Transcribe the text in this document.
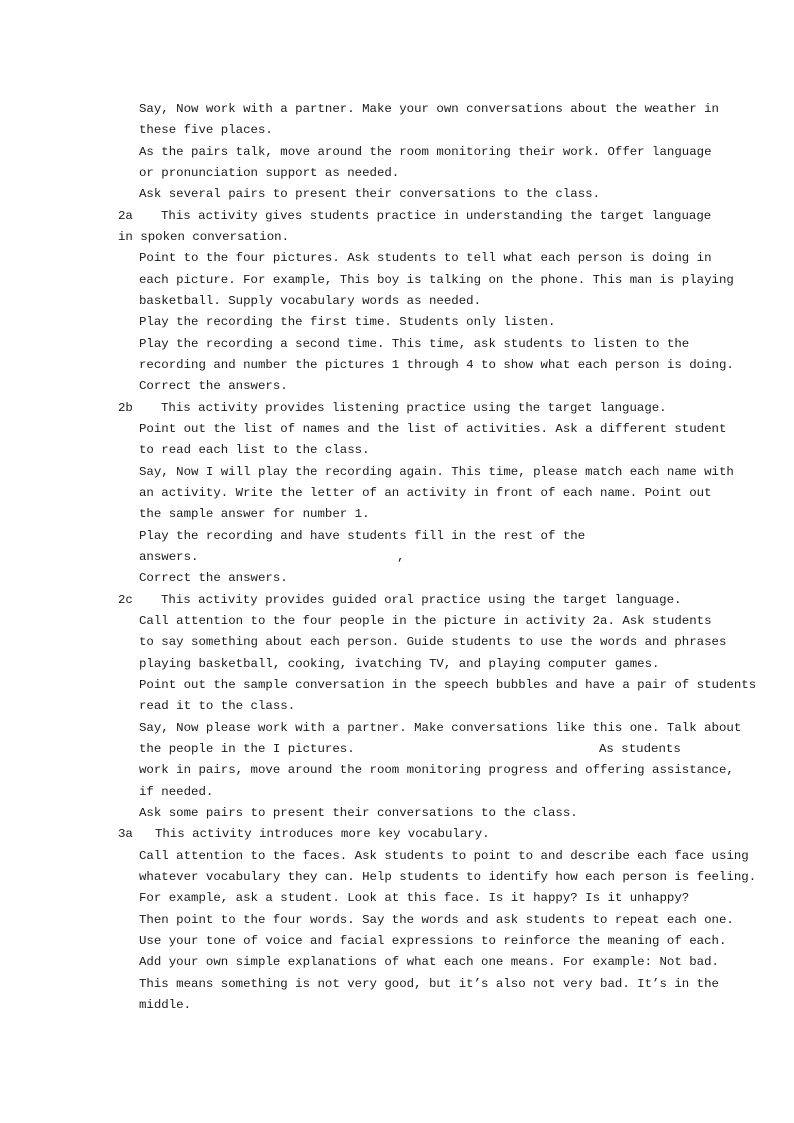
Say, Now work with a partner. Make your own conversations about the weather in
these five places.
As the pairs talk, move around the room monitoring their work. Offer language
or pronunciation support as needed.
Ask several pairs to present their conversations to the class.
2a This activity gives students practice in understanding the target language
in spoken conversation.
Point to the four pictures. Ask students to tell what each person is doing in
each picture. For example, This boy is talking on the phone. This man is playing
basketball. Supply vocabulary words as needed.
Play the recording the first time. Students only listen.
Play the recording a second time. This time, ask students to listen to the
recording and number the pictures 1 through 4 to show what each person is doing.
Correct the answers.
2b This activity provides listening practice using the target language.
Point out the list of names and the list of activities. Ask a different student
to read each list to the class.
Say, Now I will play the recording again. This time, please match each name with
an activity. Write the letter of an activity in front of each name. Point out
the sample answer for number 1.
Play the recording and have students fill in the rest of the
answers.	,
Correct the answers.
2c This activity provides guided oral practice using the target language.
Call attention to the four people in the picture in activity 2a. Ask students
to say something about each person. Guide students to use the words and phrases
playing basketball, cooking, ivatching TV, and playing computer games.
Point out the sample conversation in the speech bubbles and have a pair of students
read it to the class.
Say, Now please work with a partner. Make conversations like this one. Talk about
the people in the I pictures.	As students
work in pairs, move around the room monitoring progress and offering assistance,
if needed.
Ask some pairs to present their conversations to the class.
3a This activity introduces more key vocabulary.
Call attention to the faces. Ask students to point to and describe each face using
whatever vocabulary they can. Help students to identify how each person is feeling.
For example, ask a student. Look at this face. Is it happy? Is it unhappy?
Then point to the four words. Say the words and ask students to repeat each one.
Use your tone of voice and facial expressions to reinforce the meaning of each.
Add your own simple explanations of what each one means. For example: Not bad.
This means something is not very good, but it’s also not very bad. It’s in the
middle.
